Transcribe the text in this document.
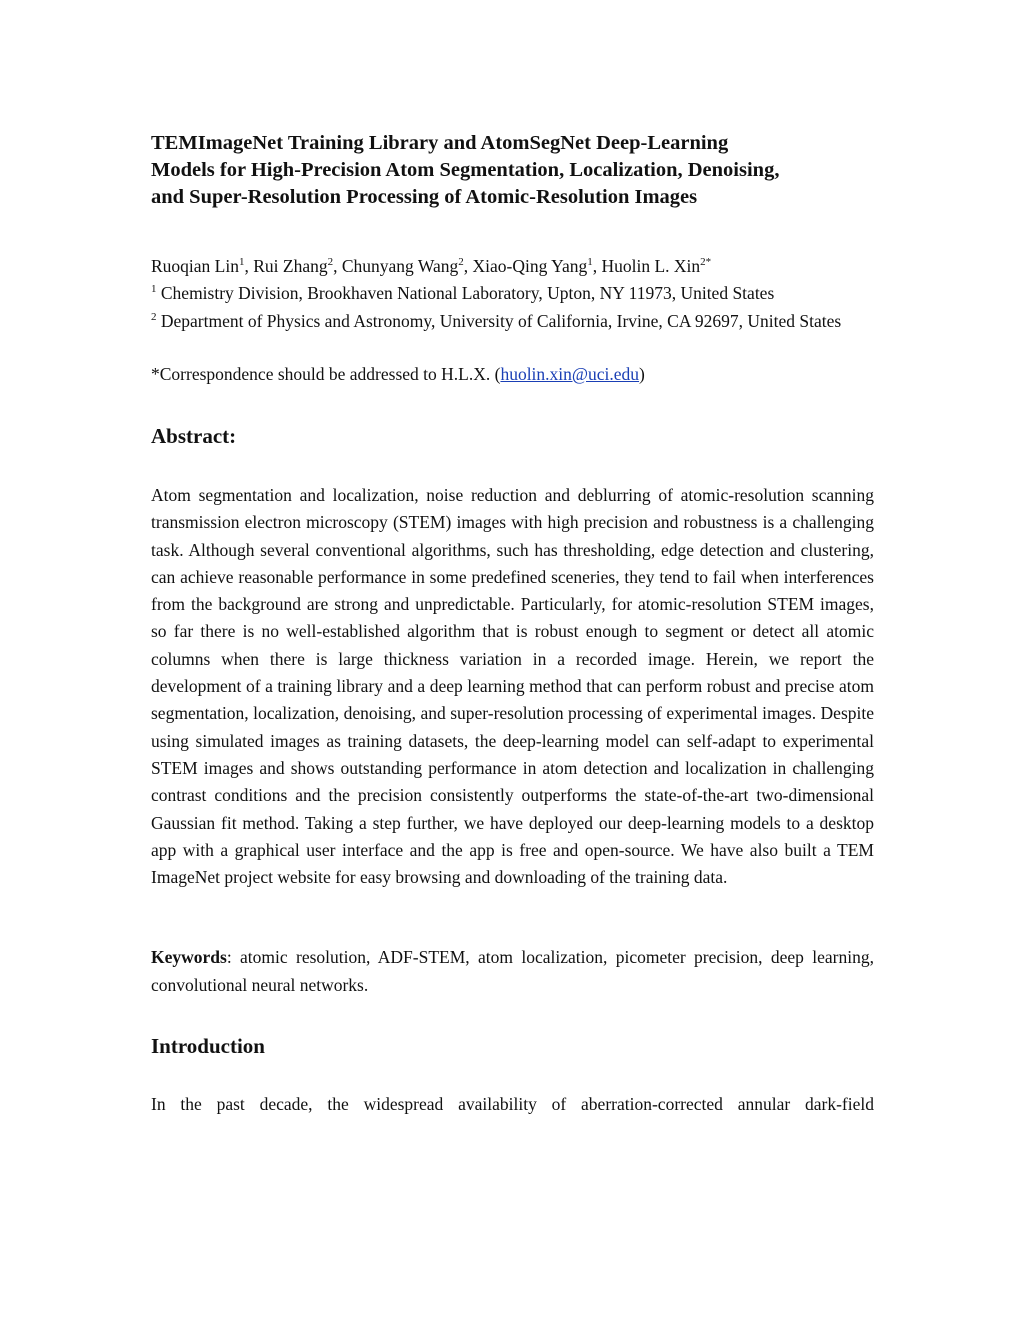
TEMImageNet Training Library and AtomSegNet Deep-Learning
Models for High-Precision Atom Segmentation, Localization, Denoising,
and Super-Resolution Processing of Atomic-Resolution Images
Ruoqian Lin$^1$, Rui Zhang$^2$, Chunyang Wang$^2$, Xiao-Qing Yang$^1$, Huolin L. Xin$^{2*}$
$^1$ Chemistry Division, Brookhaven National Laboratory, Upton, NY 11973, United States
$^2$ Department of Physics and Astronomy, University of California, Irvine, CA 92697, United States
*Correspondence should be addressed to H.L.X. (huolin.xin@uci.edu)
Abstract:

Atom segmentation and localization, noise reduction and deblurring of atomic-resolution scanning transmission electron microscopy (STEM) images with high precision and robustness is a challenging task. Although several conventional algorithms, such has thresholding, edge detection and clustering, can achieve reasonable performance in some predefined sceneries, they tend to fail when interferences from the background are strong and unpredictable. Particularly, for atomic-resolution STEM images, so far there is no well-established algorithm that is robust enough to segment or detect all atomic columns when there is large thickness variation in a recorded image. Herein, we report the development of a training library and a deep learning method that can perform robust and precise atom segmentation, localization, denoising, and super-resolution processing of experimental images. Despite using simulated images as training datasets, the deep-learning model can self-adapt to experimental STEM images and shows outstanding performance in atom detection and localization in challenging contrast conditions and the precision consistently outperforms the state-of-the-art two-dimensional Gaussian fit method. Taking a step further, we have deployed our deep-learning models to a desktop app with a graphical user interface and the app is free and open-source. We have also built a TEM ImageNet project website for easy browsing and downloading of the training data.

Keywords: atomic resolution, ADF-STEM, atom localization, picometer precision, deep learning, convolutional neural networks.

Introduction

In the past decade, the widespread availability of aberration-corrected annular dark-field
